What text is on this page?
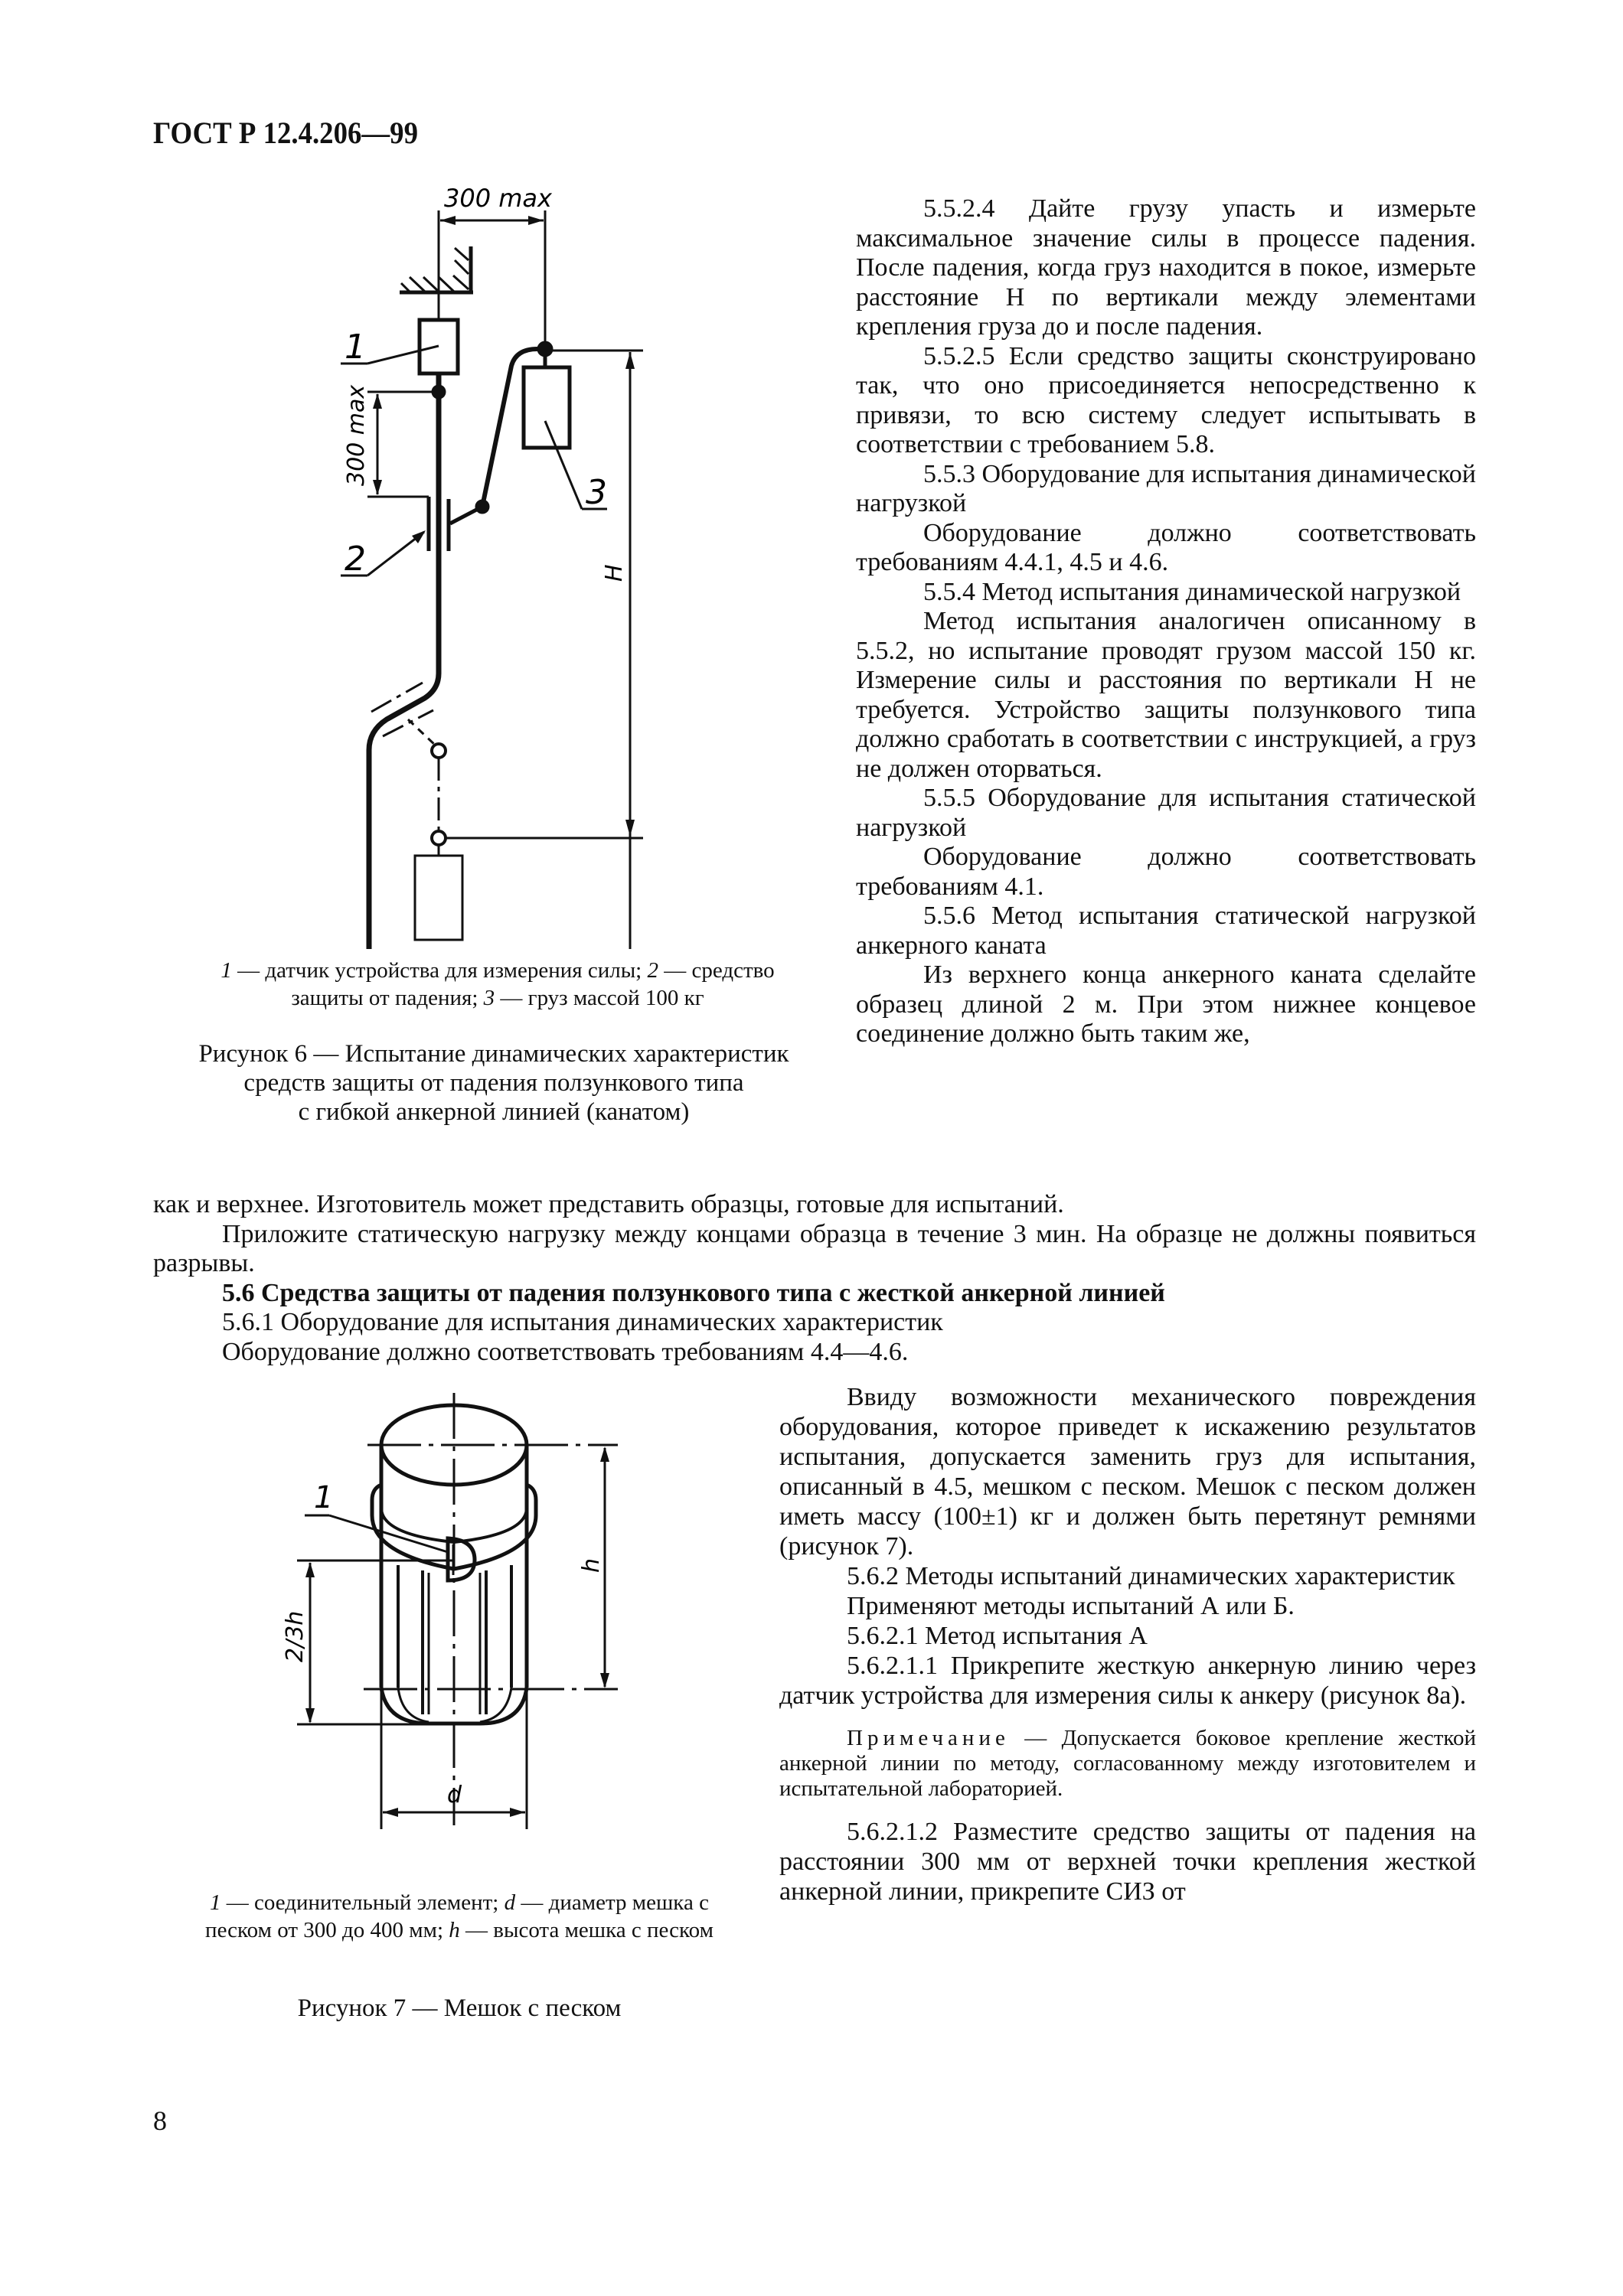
ГОСТ Р 12.4.206—99
300 max
1
2
3
300 max
H
1 — датчик устройства для измерения силы; 2 — средство
защиты от падения; 3 — груз массой 100 кг
Рисунок 6 — Испытание динамических характеристик
средств защиты от падения ползункового типа
с гибкой анкерной линией (канатом)

5.5.2.4 Дайте грузу упасть и измерьте максимальное значение силы в процессе падения. После падения, когда груз находится в покое, измерьте расстояние H по вертикали между элементами крепления груза до и после падения.

5.5.2.5 Если средство защиты сконструировано так, что оно присоединяется непосредственно к привязи, то всю систему следует испытывать в соответствии с требованием 5.8.

5.5.3 Оборудование для испытания динамической нагрузкой

Оборудование должно соответствовать требованиям 4.4.1, 4.5 и 4.6.

5.5.4 Метод испытания динамической нагрузкой

Метод испытания аналогичен описанному в 5.5.2, но испытание проводят грузом массой 150 кг. Измерение силы и расстояния по вертикали H не требуется. Устройство защиты ползункового типа должно сработать в соответствии с инструкцией, а груз не должен оторваться.

5.5.5 Оборудование для испытания статической нагрузкой

Оборудование должно соответствовать требованиям 4.1.

5.5.6 Метод испытания статической нагрузкой анкерного каната

Из верхнего конца анкерного каната сделайте образец длиной 2 м. При этом нижнее концевое соединение должно быть таким же,

как и верхнее. Изготовитель может представить образцы, готовые для испытаний.

Приложите статическую нагрузку между концами образца в течение 3 мин. На образце не должны появиться разрывы.

5.6 Средства защиты от падения ползункового типа с жесткой анкерной линией

5.6.1 Оборудование для испытания динамических характеристик

Оборудование должно соответствовать требованиям 4.4—4.6.

1
h
2/3h
d
1 — соединительный элемент; d — диаметр мешка с
песком от 300 до 400 мм; h — высота мешка с песком
Рисунок 7 — Мешок с песком

Ввиду возможности механического повреждения оборудования, которое приведет к искажению результатов испытания, допускается заменить груз для испытания, описанный в 4.5, мешком с песком. Мешок с песком должен иметь массу (100±1) кг и должен быть перетянут ремнями (рисунок 7).

5.6.2 Методы испытаний динамических характеристик

Применяют методы испытаний А или Б.

5.6.2.1 Метод испытания А

5.6.2.1.1 Прикрепите жесткую анкерную линию через датчик устройства для измерения силы к анкеру (рисунок 8а).

Примечание — Допускается боковое крепление жесткой анкерной линии по методу, согласованному между изготовителем и испытательной лабораторией.

5.6.2.1.2 Разместите средство защиты от падения на расстоянии 300 мм от верхней точки крепления жесткой анкерной линии, прикрепите СИЗ от

8
